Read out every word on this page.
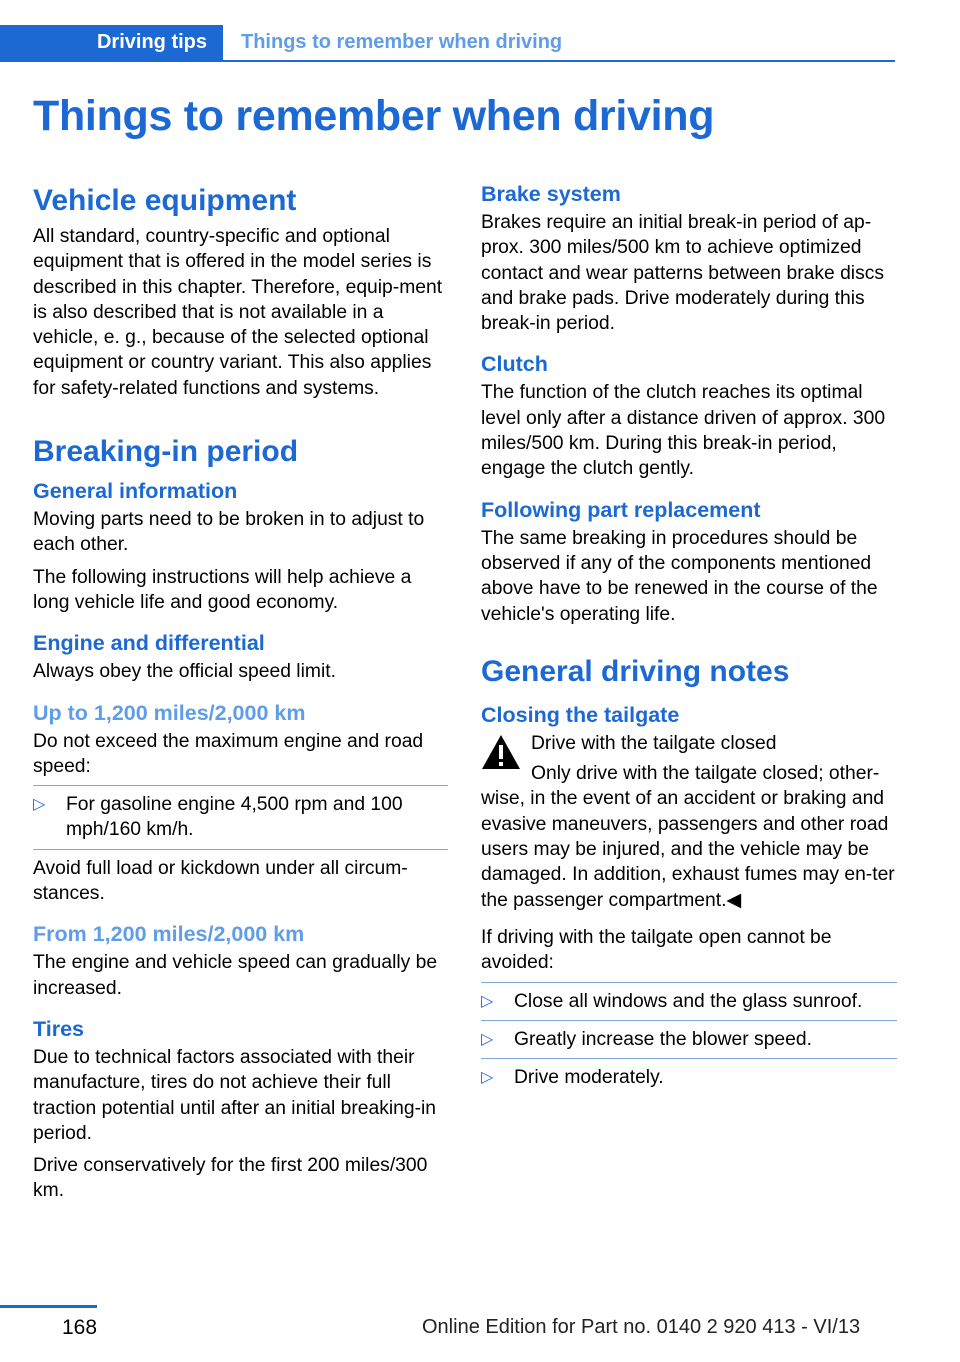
Driving tips	Things to remember when driving
Things to remember when driving
Vehicle equipment

All standard, country-specific and optional equipment that is offered in the model series is described in this chapter. Therefore, equip-ment is also described that is not available in a vehicle, e. g., because of the selected optional equipment or country variant. This also applies for safety-related functions and systems.

Breaking-in period
General information

Moving parts need to be broken in to adjust to each other.

The following instructions will help achieve a long vehicle life and good economy.

Engine and differential

Always obey the official speed limit.

Up to 1,200 miles/2,000 km

Do not exceed the maximum engine and road speed:

▷ For gasoline engine 4,500 rpm and 100 mph/160 km/h.

Avoid full load or kickdown under all circum-stances.

From 1,200 miles/2,000 km

The engine and vehicle speed can gradually be increased.

Tires

Due to technical factors associated with their manufacture, tires do not achieve their full traction potential until after an initial breaking-in period.

Drive conservatively for the first 200 miles/300 km.

Brake system

Brakes require an initial break-in period of ap-prox. 300 miles/500 km to achieve optimized contact and wear patterns between brake discs and brake pads. Drive moderately during this break-in period.

Clutch

The function of the clutch reaches its optimal level only after a distance driven of approx. 300 miles/500 km. During this break-in period, engage the clutch gently.

Following part replacement

The same breaking in procedures should be observed if any of the components mentioned above have to be renewed in the course of the vehicle's operating life.

General driving notes
Closing the tailgate

Drive with the tailgate closed

Only drive with the tailgate closed; other-wise, in the event of an accident or braking and evasive maneuvers, passengers and other road users may be injured, and the vehicle may be damaged. In addition, exhaust fumes may en-ter the passenger compartment.◀

If driving with the tailgate open cannot be avoided:

▷ Close all windows and the glass sunroof.
▷ Greatly increase the blower speed.
▷ Drive moderately.
168	Online Edition for Part no. 0140 2 920 413 - VI/13
